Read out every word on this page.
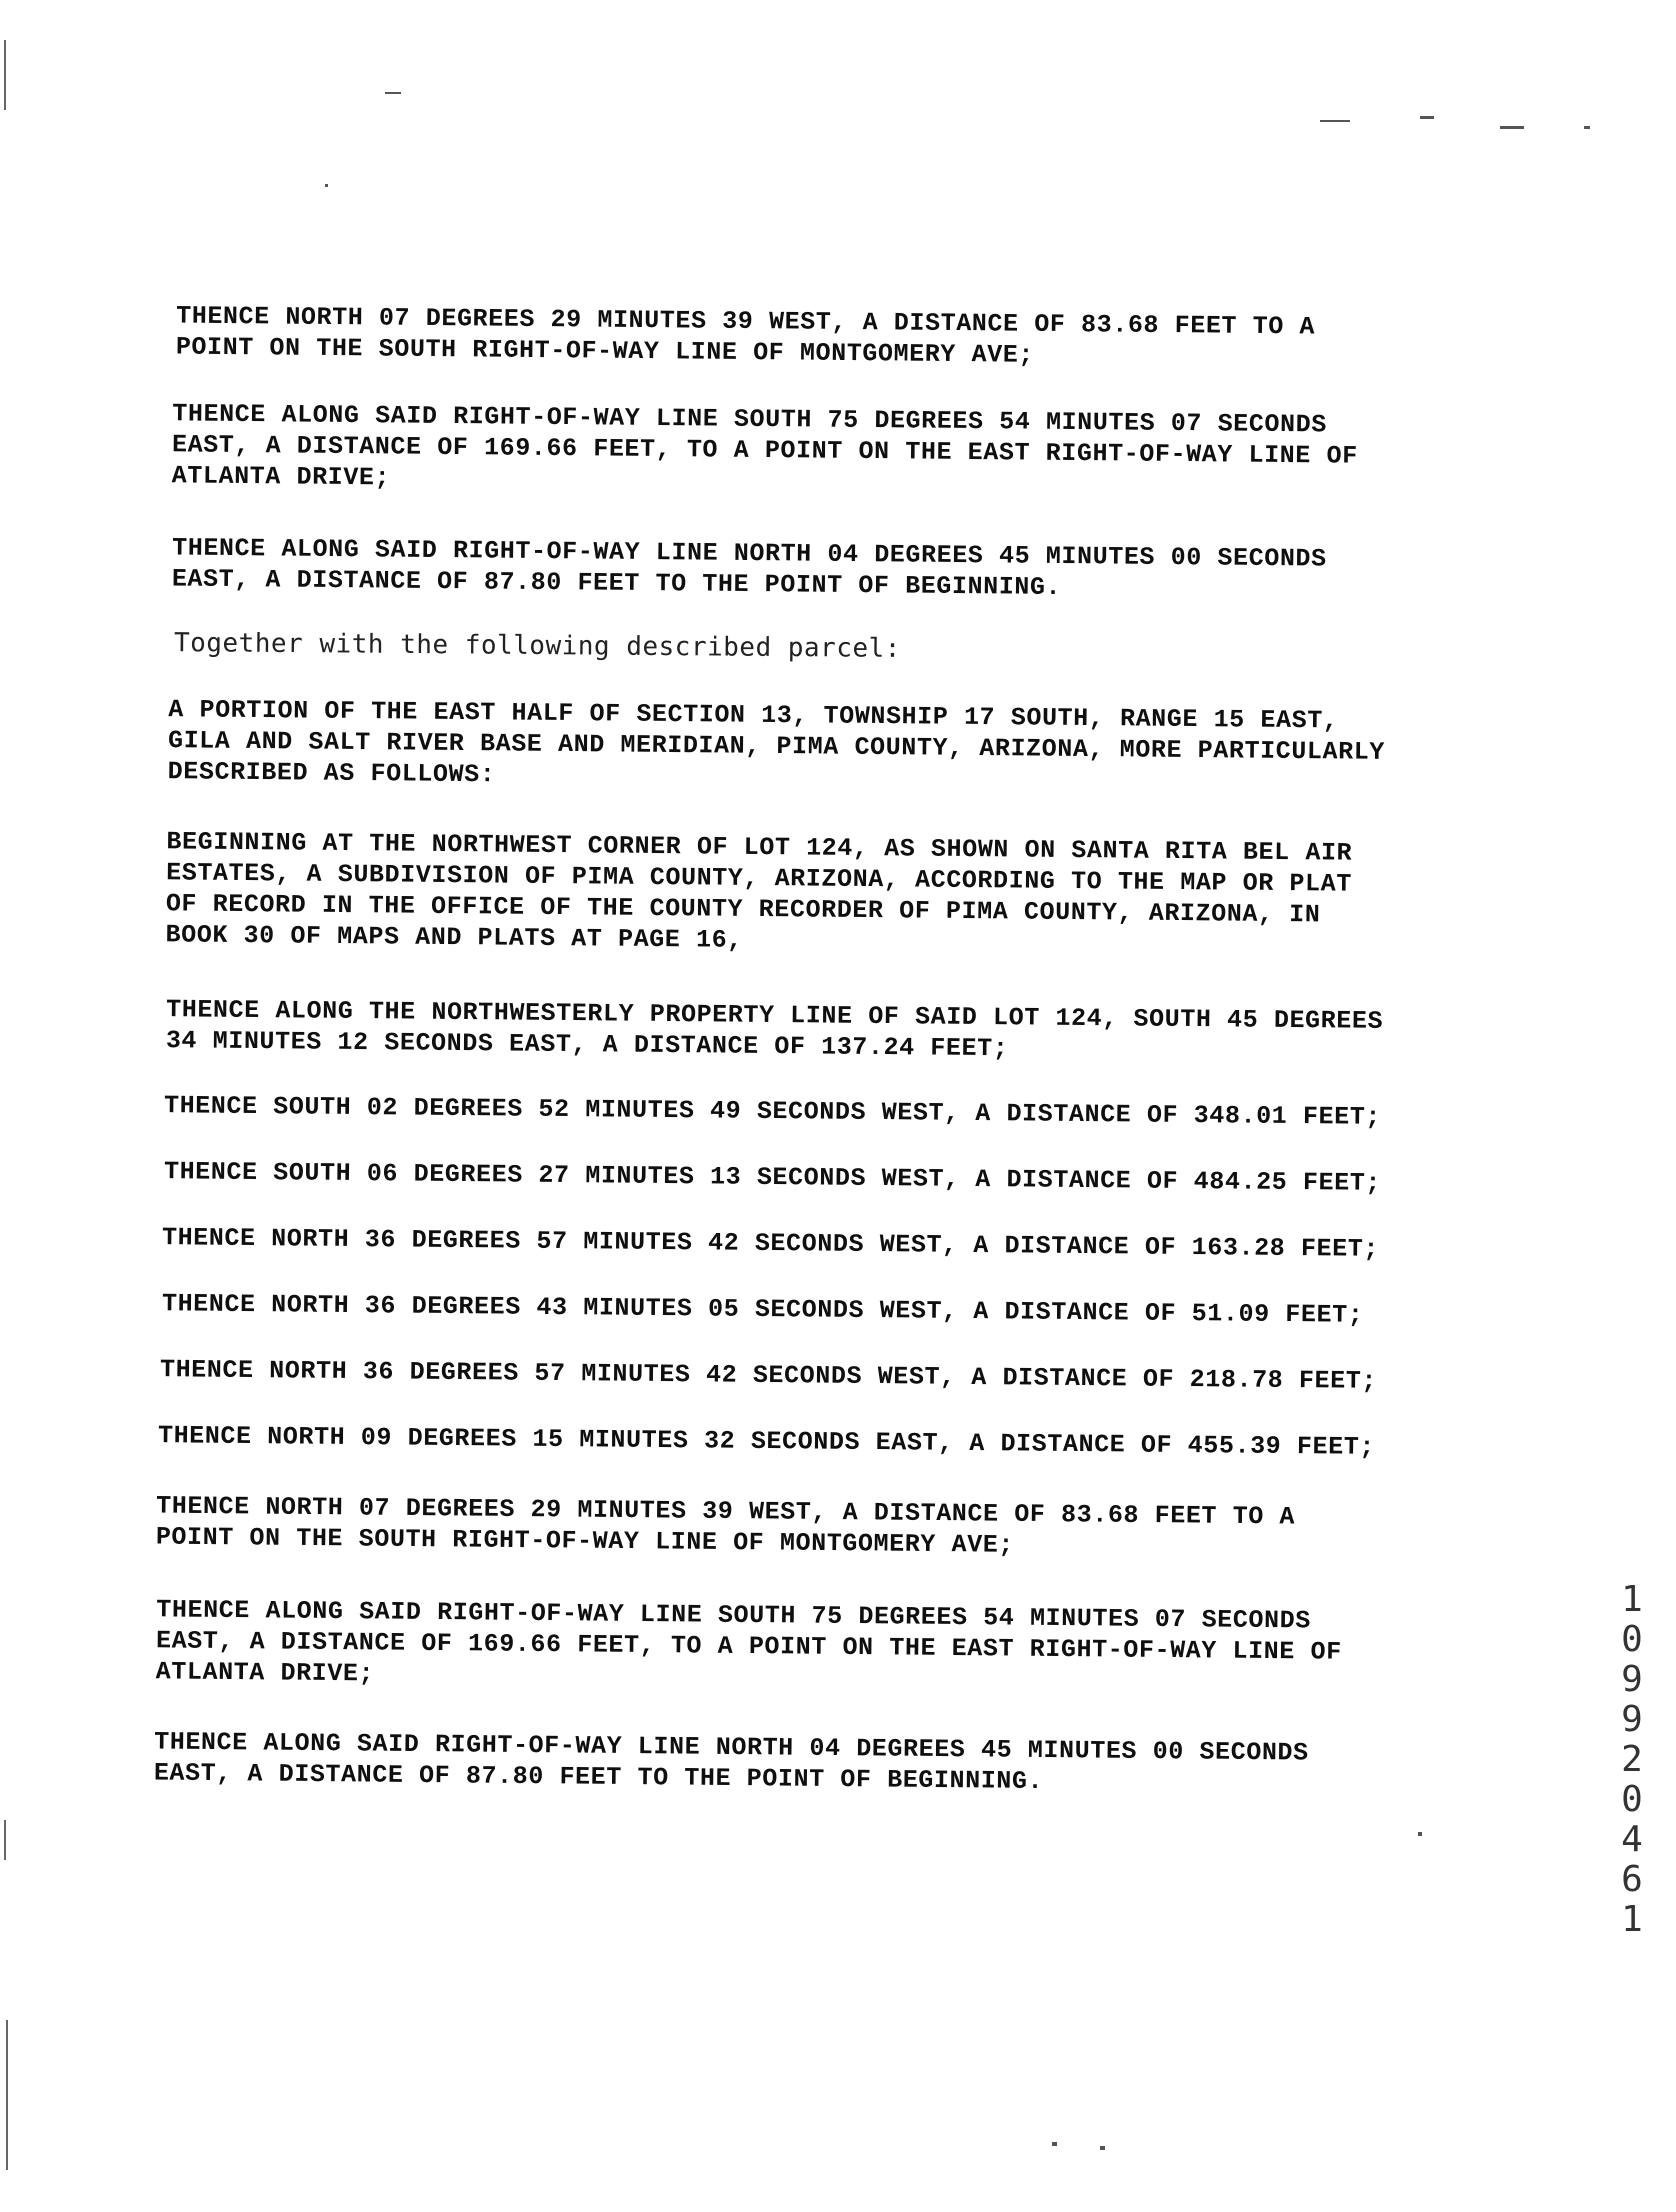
THENCE NORTH 07 DEGREES 29 MINUTES 39 WEST, A DISTANCE OF 83.68 FEET TO A
POINT ON THE SOUTH RIGHT-OF-WAY LINE OF MONTGOMERY AVE;
THENCE ALONG SAID RIGHT-OF-WAY LINE SOUTH 75 DEGREES 54 MINUTES 07 SECONDS
EAST, A DISTANCE OF 169.66 FEET, TO A POINT ON THE EAST RIGHT-OF-WAY LINE OF
ATLANTA DRIVE;
THENCE ALONG SAID RIGHT-OF-WAY LINE NORTH 04 DEGREES 45 MINUTES 00 SECONDS
EAST, A DISTANCE OF 87.80 FEET TO THE POINT OF BEGINNING.
Together with the following described parcel:
A PORTION OF THE EAST HALF OF SECTION 13, TOWNSHIP 17 SOUTH, RANGE 15 EAST,
GILA AND SALT RIVER BASE AND MERIDIAN, PIMA COUNTY, ARIZONA, MORE PARTICULARLY
DESCRIBED AS FOLLOWS:
BEGINNING AT THE NORTHWEST CORNER OF LOT 124, AS SHOWN ON SANTA RITA BEL AIR
ESTATES, A SUBDIVISION OF PIMA COUNTY, ARIZONA, ACCORDING TO THE MAP OR PLAT
OF RECORD IN THE OFFICE OF THE COUNTY RECORDER OF PIMA COUNTY, ARIZONA, IN
BOOK 30 OF MAPS AND PLATS AT PAGE 16,
THENCE ALONG THE NORTHWESTERLY PROPERTY LINE OF SAID LOT 124, SOUTH 45 DEGREES
34 MINUTES 12 SECONDS EAST, A DISTANCE OF 137.24 FEET;
THENCE SOUTH 02 DEGREES 52 MINUTES 49 SECONDS WEST, A DISTANCE OF 348.01 FEET;
THENCE SOUTH 06 DEGREES 27 MINUTES 13 SECONDS WEST, A DISTANCE OF 484.25 FEET;
THENCE NORTH 36 DEGREES 57 MINUTES 42 SECONDS WEST, A DISTANCE OF 163.28 FEET;
THENCE NORTH 36 DEGREES 43 MINUTES 05 SECONDS WEST, A DISTANCE OF 51.09 FEET;
THENCE NORTH 36 DEGREES 57 MINUTES 42 SECONDS WEST, A DISTANCE OF 218.78 FEET;
THENCE NORTH 09 DEGREES 15 MINUTES 32 SECONDS EAST, A DISTANCE OF 455.39 FEET;
THENCE NORTH 07 DEGREES 29 MINUTES 39 WEST, A DISTANCE OF 83.68 FEET TO A
POINT ON THE SOUTH RIGHT-OF-WAY LINE OF MONTGOMERY AVE;
THENCE ALONG SAID RIGHT-OF-WAY LINE SOUTH 75 DEGREES 54 MINUTES 07 SECONDS
EAST, A DISTANCE OF 169.66 FEET, TO A POINT ON THE EAST RIGHT-OF-WAY LINE OF
ATLANTA DRIVE;
THENCE ALONG SAID RIGHT-OF-WAY LINE NORTH 04 DEGREES 45 MINUTES 00 SECONDS
EAST, A DISTANCE OF 87.80 FEET TO THE POINT OF BEGINNING.
10992 0461
